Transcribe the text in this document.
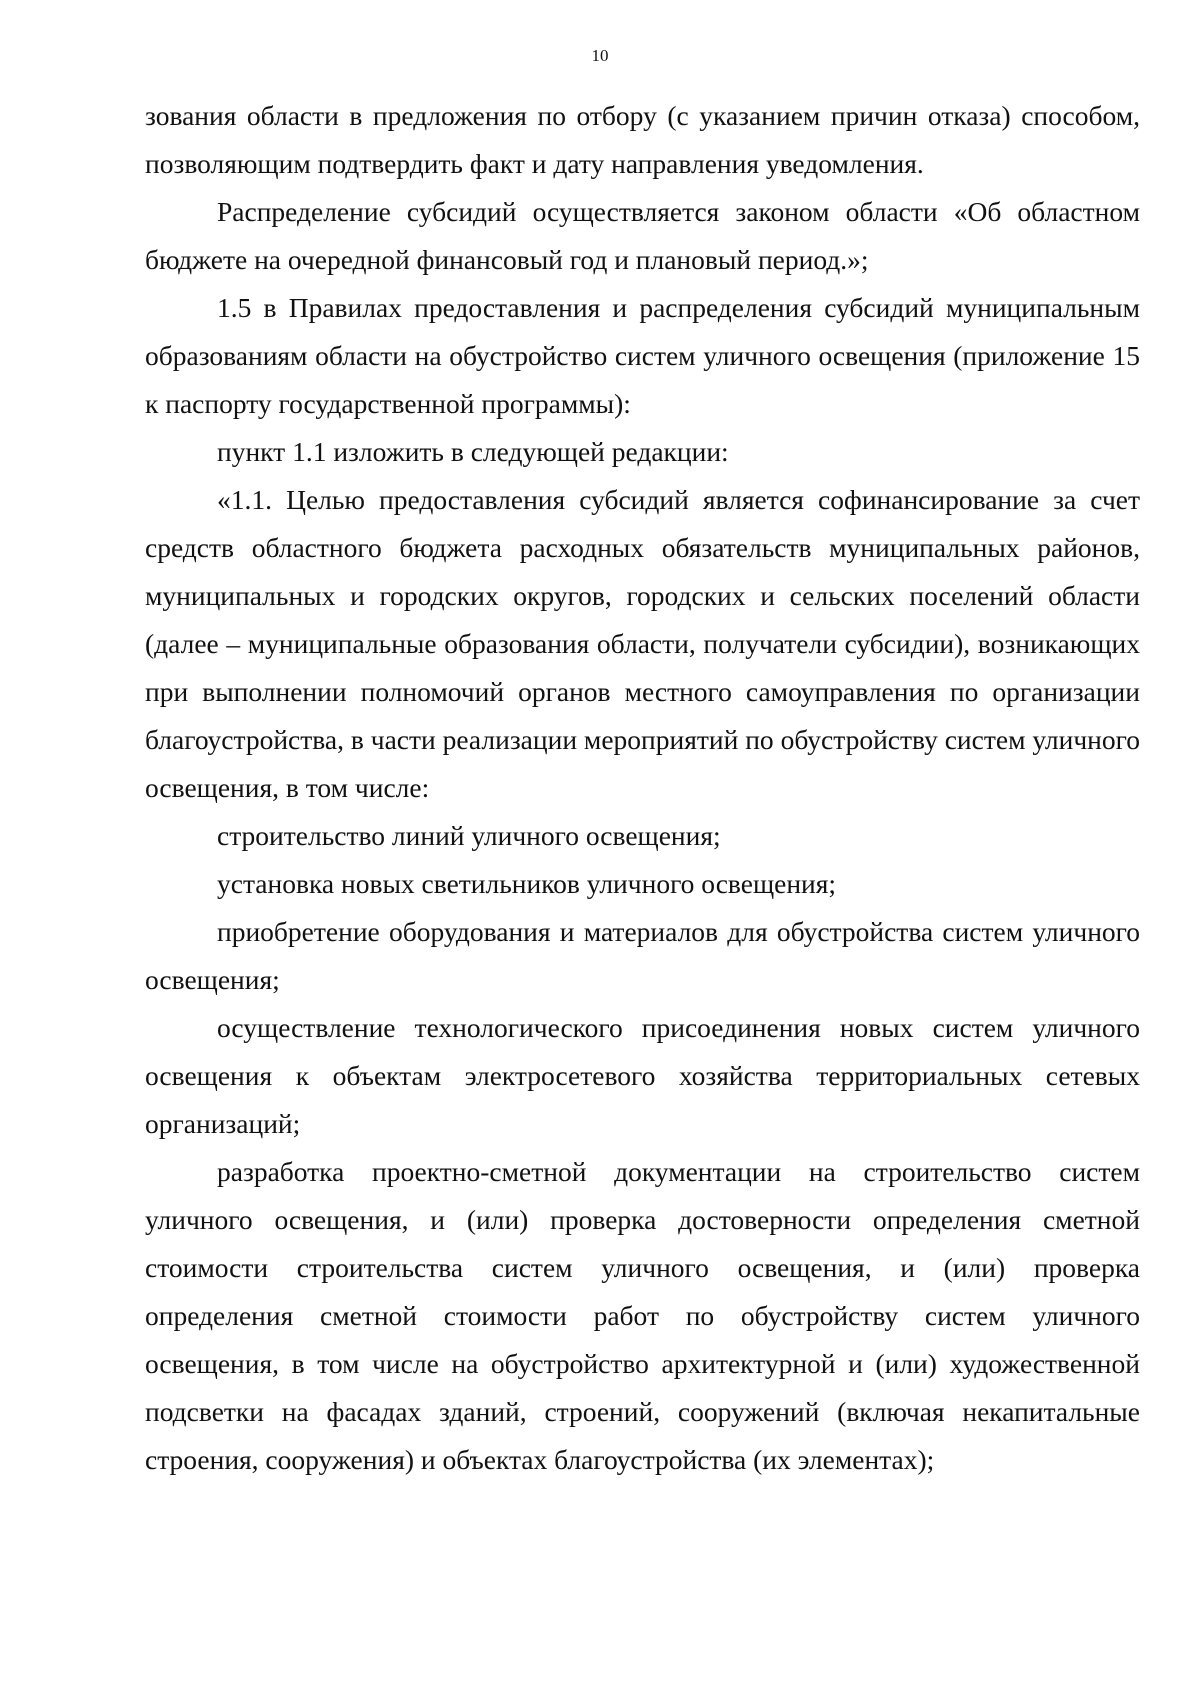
10

зования области в предложения по отбору (с указанием причин отказа) способом, позволяющим подтвердить факт и дату направления уведомления.

Распределение субсидий осуществляется законом области «Об областном бюджете на очередной финансовый год и плановый период.»;

1.5 в Правилах предоставления и распределения субсидий муниципальным образованиям области на обустройство систем уличного освещения (приложение 15 к паспорту государственной программы):

пункт 1.1 изложить в следующей редакции:

«1.1. Целью предоставления субсидий является софинансирование за счет средств областного бюджета расходных обязательств муниципальных районов, муниципальных и городских округов, городских и сельских поселений области (далее – муниципальные образования области, получатели субсидии), возникающих при выполнении полномочий органов местного самоуправления по организации благоустройства, в части реализации мероприятий по обустройству систем уличного освещения, в том числе:

строительство линий уличного освещения;

установка новых светильников уличного освещения;

приобретение оборудования и материалов для обустройства систем уличного освещения;

осуществление технологического присоединения новых систем уличного освещения к объектам электросетевого хозяйства территориальных сетевых организаций;

разработка проектно-сметной документации на строительство систем уличного освещения, и (или) проверка достоверности определения сметной стоимости строительства систем уличного освещения, и (или) проверка определения сметной стоимости работ по обустройству систем уличного освещения, в том числе на обустройство архитектурной и (или) художественной подсветки на фасадах зданий, строений, сооружений (включая некапитальные строения, сооружения) и объектах благоустройства (их элементах);
